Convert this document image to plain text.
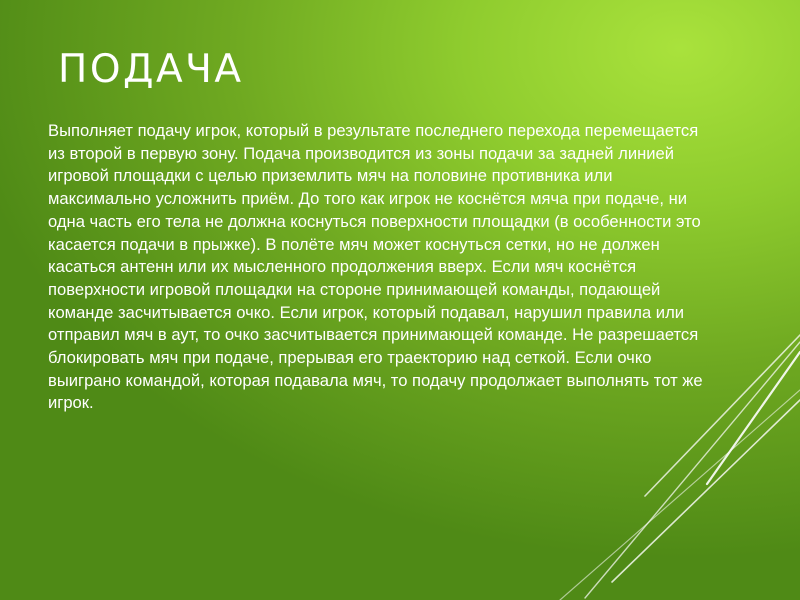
ПОДАЧА

Выполняет подачу игрок, который в результате последнего перехода перемещается из второй в первую зону. Подача производится из зоны подачи за задней линией игровой площадки с целью приземлить мяч на половине противника или максимально усложнить приём. До того как игрок не коснётся мяча при подаче, ни одна часть его тела не должна коснуться поверхности площадки (в особенности это касается подачи в прыжке). В полёте мяч может коснуться сетки, но не должен касаться антенн или их мысленного продолжения вверх. Если мяч коснётся поверхности игровой площадки на стороне принимающей команды, подающей команде засчитывается очко. Если игрок, который подавал, нарушил правила или отправил мяч в аут, то очко засчитывается принимающей команде. Не разрешается блокировать мяч при подаче, прерывая его траекторию над сеткой. Если очко выиграно командой, которая подавала мяч, то подачу продолжает выполнять тот же игрок.
